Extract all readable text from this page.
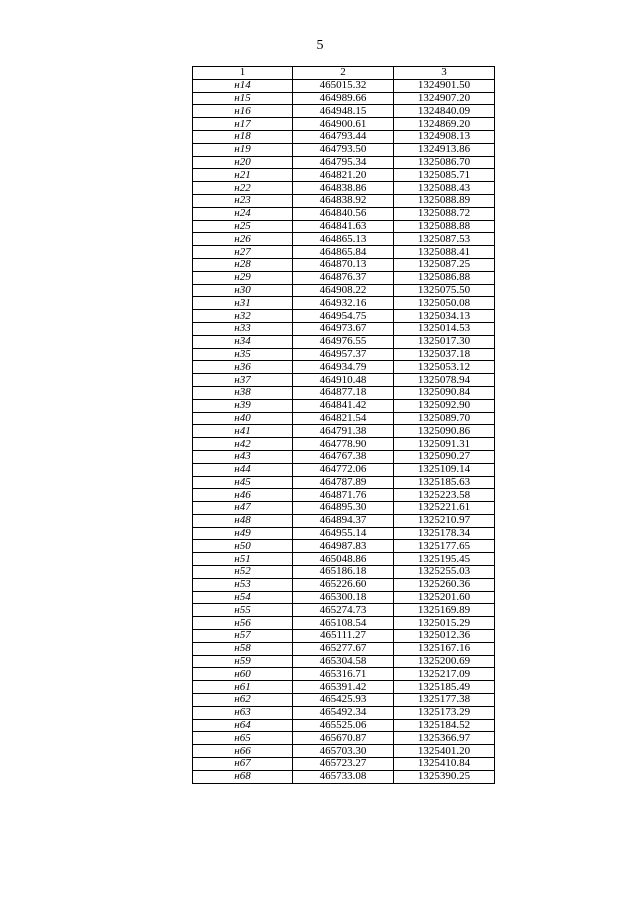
5
1	2	3
н14	465015.32	1324901.50
н15	464989.66	1324907.20
н16	464948.15	1324840.09
н17	464900.61	1324869.20
н18	464793.44	1324908.13
н19	464793.50	1324913.86
н20	464795.34	1325086.70
н21	464821.20	1325085.71
н22	464838.86	1325088.43
н23	464838.92	1325088.89
н24	464840.56	1325088.72
н25	464841.63	1325088.88
н26	464865.13	1325087.53
н27	464865.84	1325088.41
н28	464870.13	1325087.25
н29	464876.37	1325086.88
н30	464908.22	1325075.50
н31	464932.16	1325050.08
н32	464954.75	1325034.13
н33	464973.67	1325014.53
н34	464976.55	1325017.30
н35	464957.37	1325037.18
н36	464934.79	1325053.12
н37	464910.48	1325078.94
н38	464877.18	1325090.84
н39	464841.42	1325092.90
н40	464821.54	1325089.70
н41	464791.38	1325090.86
н42	464778.90	1325091.31
н43	464767.38	1325090.27
н44	464772.06	1325109.14
н45	464787.89	1325185.63
н46	464871.76	1325223.58
н47	464895.30	1325221.61
н48	464894.37	1325210.97
н49	464955.14	1325178.34
н50	464987.83	1325177.65
н51	465048.86	1325195.45
н52	465186.18	1325255.03
н53	465226.60	1325260.36
н54	465300.18	1325201.60
н55	465274.73	1325169.89
н56	465108.54	1325015.29
н57	465111.27	1325012.36
н58	465277.67	1325167.16
н59	465304.58	1325200.69
н60	465316.71	1325217.09
н61	465391.42	1325185.49
н62	465425.93	1325177.38
н63	465492.34	1325173.29
н64	465525.06	1325184.52
н65	465670.87	1325366.97
н66	465703.30	1325401.20
н67	465723.27	1325410.84
н68	465733.08	1325390.25
